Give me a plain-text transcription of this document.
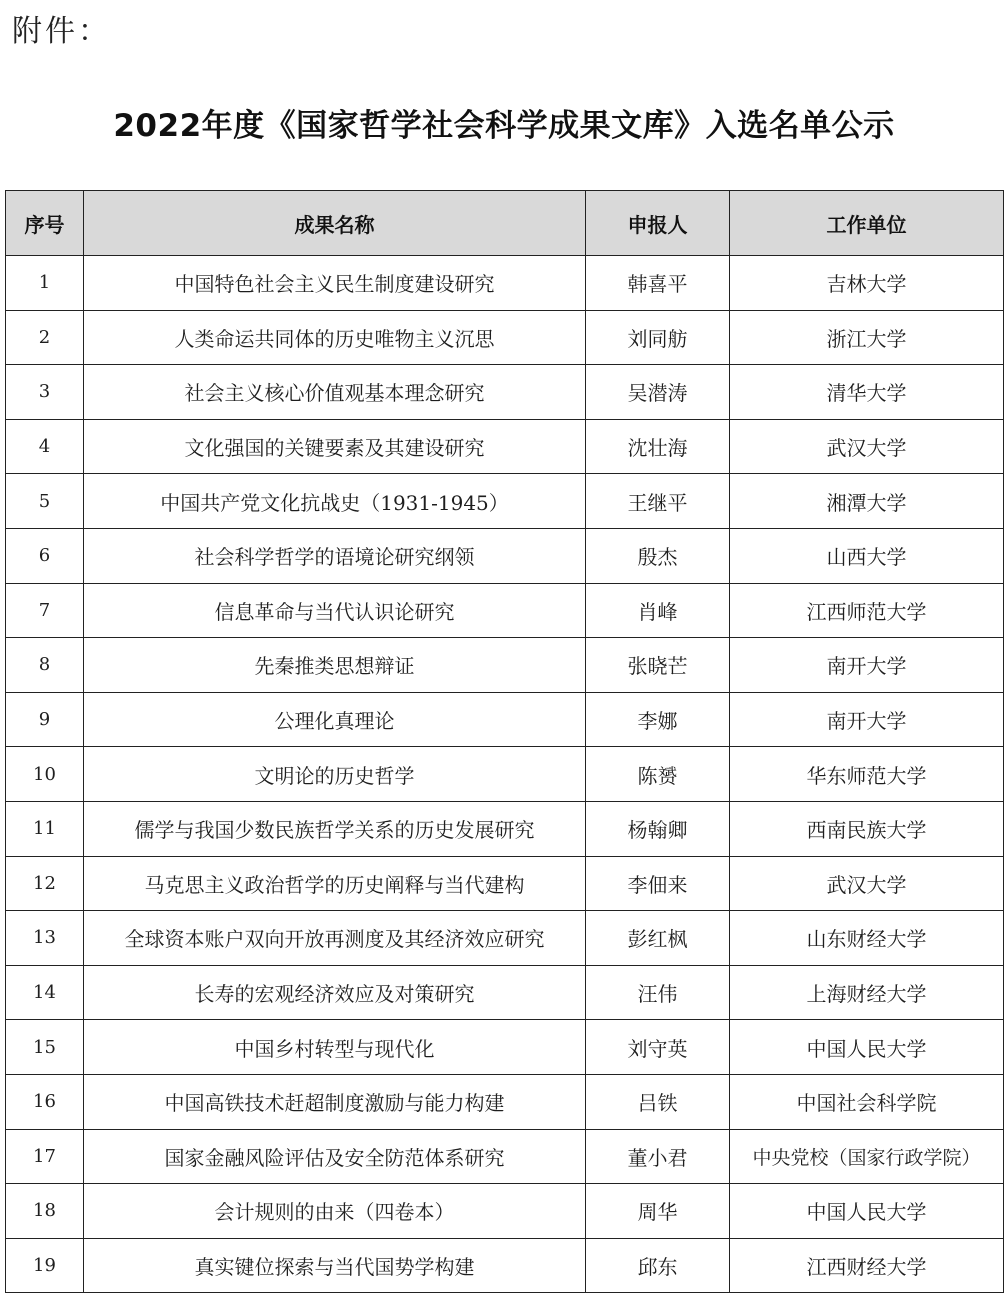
附件：
2022年度《国家哲学社会科学成果文库》入选名单公示
序号	成果名称	申报人	工作单位
1	中国特色社会主义民生制度建设研究	韩喜平	吉林大学
2	人类命运共同体的历史唯物主义沉思	刘同舫	浙江大学
3	社会主义核心价值观基本理念研究	吴潜涛	清华大学
4	文化强国的关键要素及其建设研究	沈壮海	武汉大学
5	中国共产党文化抗战史（1931-1945）	王继平	湘潭大学
6	社会科学哲学的语境论研究纲领	殷杰	山西大学
7	信息革命与当代认识论研究	肖峰	江西师范大学
8	先秦推类思想辩证	张晓芒	南开大学
9	公理化真理论	李娜	南开大学
10	文明论的历史哲学	陈赟	华东师范大学
11	儒学与我国少数民族哲学关系的历史发展研究	杨翰卿	西南民族大学
12	马克思主义政治哲学的历史阐释与当代建构	李佃来	武汉大学
13	全球资本账户双向开放再测度及其经济效应研究	彭红枫	山东财经大学
14	长寿的宏观经济效应及对策研究	汪伟	上海财经大学
15	中国乡村转型与现代化	刘守英	中国人民大学
16	中国高铁技术赶超制度激励与能力构建	吕铁	中国社会科学院
17	国家金融风险评估及安全防范体系研究	董小君	中央党校（国家行政学院）
18	会计规则的由来（四卷本）	周华	中国人民大学
19	真实键位探索与当代国势学构建	邱东	江西财经大学
